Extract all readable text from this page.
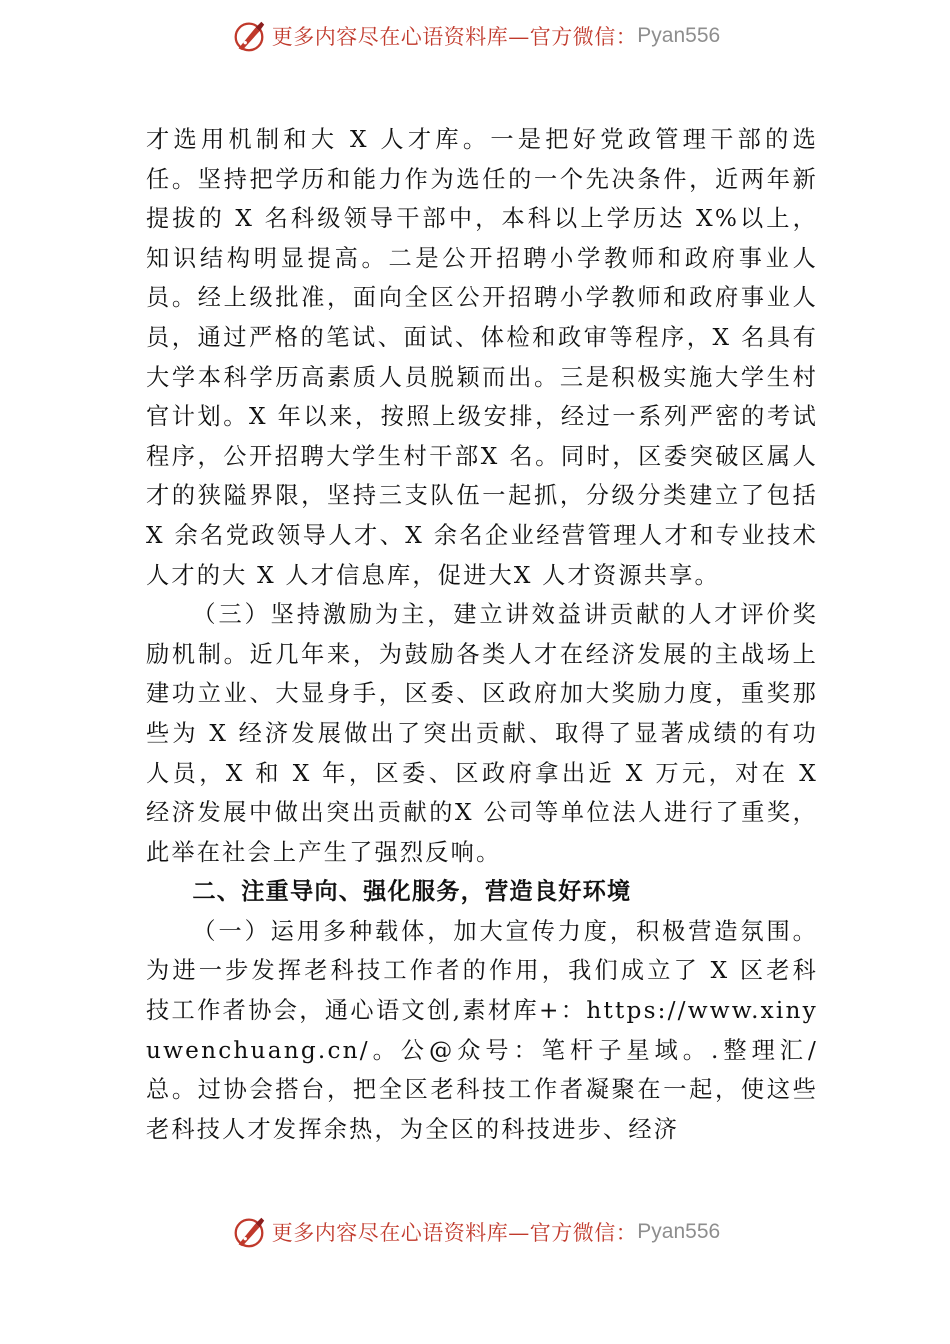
更多内容尽在心语资料库—官方微信： Pyan556

才选用机制和大 X 人才库。一是把好党政管理干部的选任。坚持把学历和能力作为选任的一个先决条件，近两年新提拔的 X 名科级领导干部中，本科以上学历达 X%以上，知识结构明显提高。二是公开招聘小学教师和政府事业人员。经上级批准，面向全区公开招聘小学教师和政府事业人员，通过严格的笔试、面试、体检和政审等程序，X 名具有大学本科学历高素质人员脱颖而出。三是积极实施大学生村官计划。X 年以来，按照上级安排，经过一系列严密的考试程序，公开招聘大学生村干部X 名。同时，区委突破区属人才的狭隘界限，坚持三支队伍一起抓，分级分类建立了包括X 余名党政领导人才、X 余名企业经营管理人才和专业技术人才的大 X 人才信息库，促进大X 人才资源共享。

（三）坚持激励为主，建立讲效益讲贡献的人才评价奖励机制。近几年来，为鼓励各类人才在经济发展的主战场上建功立业、大显身手，区委、区政府加大奖励力度，重奖那些为 X 经济发展做出了突出贡献、取得了显著成绩的有功人员，X 和 X 年，区委、区政府拿出近 X 万元，对在 X 经济发展中做出突出贡献的X 公司等单位法人进行了重奖，此举在社会上产生了强烈反响。

二、注重导向、强化服务，营造良好环境

（一）运用多种载体，加大宣传力度，积极营造氛围。为进一步发挥老科技工作者的作用，我们成立了 X 区老科技工作者协会，通心语文创,素材库+：https://www.xinyuwenchuang.cn/。公@众号：笔杆子星域。.整理汇/总。过协会搭台，把全区老科技工作者凝聚在一起，使这些老科技人才发挥余热，为全区的科技进步、经济

更多内容尽在心语资料库—官方微信： Pyan556
